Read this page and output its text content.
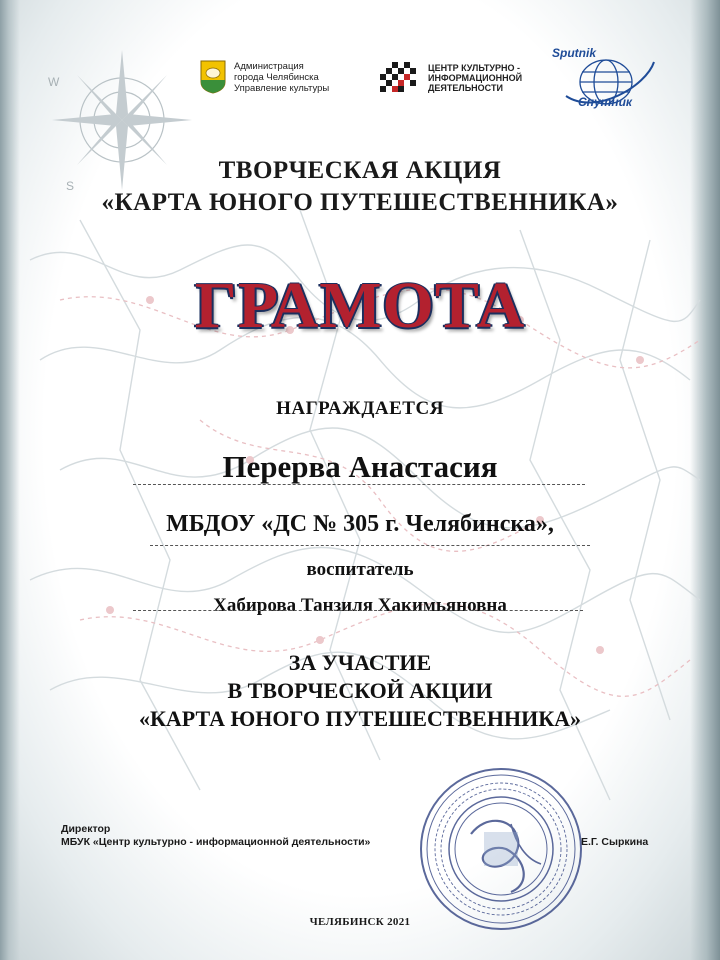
W
S
Администрация
города Челябинска
Управление культуры
ЦЕНТР КУЛЬТУРНО -
ИНФОРМАЦИОННОЙ
ДЕЯТЕЛЬНОСТИ
Sputnik
Спутник
ТВОРЧЕСКАЯ АКЦИЯ
«КАРТА ЮНОГО ПУТЕШЕСТВЕННИКА»
ГРАМОТА
НАГРАЖДАЕТСЯ
Перерва Анастасия
МБДОУ «ДС № 305 г. Челябинска»,
воспитатель
Хабирова Танзиля Хакимьяновна
ЗА УЧАСТИЕ
В ТВОРЧЕСКОЙ АКЦИИ
«КАРТА ЮНОГО ПУТЕШЕСТВЕННИКА»
Директор
МБУК «Центр культурно - информационной деятельности»	Е.Г. Сыркина
ЧЕЛЯБИНСК 2021
